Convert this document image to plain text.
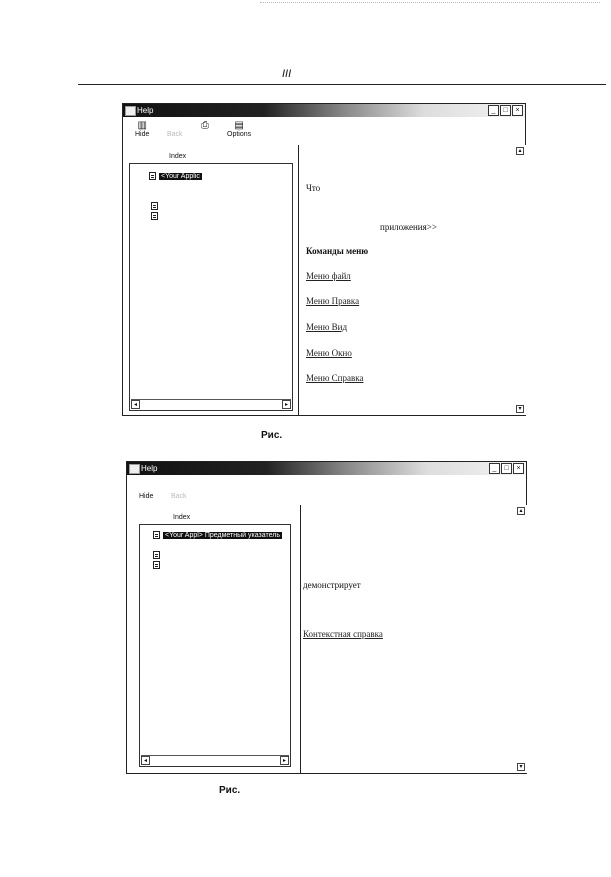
III
Help	_	□	×
▥
Hide
	Back
⎙	▤
Options
Index
<Your Applic
◂	▸
▴
▾
Что
приложения>>
Команды меню
Меню файл
Меню Правка
Меню Вид
Меню Окно
Меню Справка
Рис.
Help	_	□	×
Hide	Back
Index
<Your Appl> Предметный указатель
◂	▸
▴
▾
демонстрирует
Контекстная справка
Рис.
